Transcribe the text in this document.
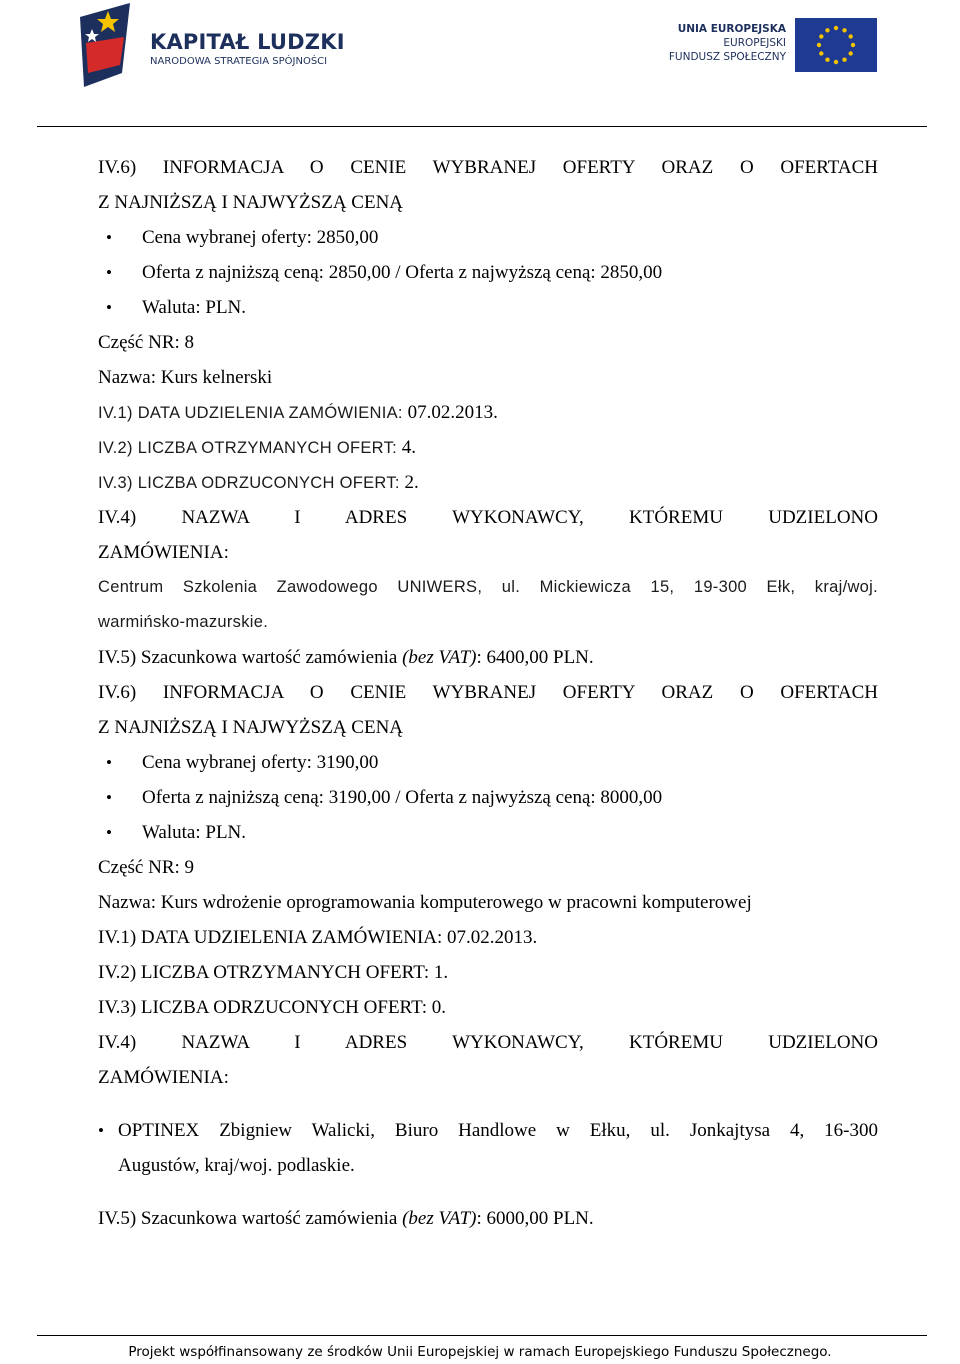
KAPITAŁ LUDZKI
NARODOWA STRATEGIA SPÓJNOŚCI
UNIA EUROPEJSKA
EUROPEJSKI
FUNDUSZ SPOŁECZNY
IV.6) INFORMACJA O CENIE WYBRANEJ OFERTY ORAZ O OFERTACH
Z NAJNIŻSZĄ I NAJWYŻSZĄ CENĄ
• Cena wybranej oferty: 2850,00
• Oferta z najniższą ceną: 2850,00 / Oferta z najwyższą ceną: 2850,00
• Waluta: PLN.
Część NR: 8
Nazwa: Kurs kelnerski
IV.1) DATA UDZIELENIA ZAMÓWIENIA: 07.02.2013.
IV.2) LICZBA OTRZYMANYCH OFERT: 4.
IV.3) LICZBA ODRZUCONYCH OFERT: 2.
IV.4) NAZWA I ADRES WYKONAWCY, KTÓREMU UDZIELONO
ZAMÓWIENIA:
Centrum Szkolenia Zawodowego UNIWERS, ul. Mickiewicza 15, 19-300 Ełk, kraj/woj.
warmińsko-mazurskie.
IV.5) Szacunkowa wartość zamówienia (bez VAT): 6400,00 PLN.
IV.6) INFORMACJA O CENIE WYBRANEJ OFERTY ORAZ O OFERTACH
Z NAJNIŻSZĄ I NAJWYŻSZĄ CENĄ
• Cena wybranej oferty: 3190,00
• Oferta z najniższą ceną: 3190,00 / Oferta z najwyższą ceną: 8000,00
• Waluta: PLN.
Część NR: 9
Nazwa: Kurs wdrożenie oprogramowania komputerowego w pracowni komputerowej
IV.1) DATA UDZIELENIA ZAMÓWIENIA: 07.02.2013.
IV.2) LICZBA OTRZYMANYCH OFERT: 1.
IV.3) LICZBA ODRZUCONYCH OFERT: 0.
IV.4) NAZWA I ADRES WYKONAWCY, KTÓREMU UDZIELONO
ZAMÓWIENIA:
• OPTINEX Zbigniew Walicki, Biuro Handlowe w Ełku, ul. Jonkajtysa 4, 16-300
Augustów, kraj/woj. podlaskie.
IV.5) Szacunkowa wartość zamówienia (bez VAT): 6000,00 PLN.
Projekt współfinansowany ze środków Unii Europejskiej w ramach Europejskiego Funduszu Społecznego.
